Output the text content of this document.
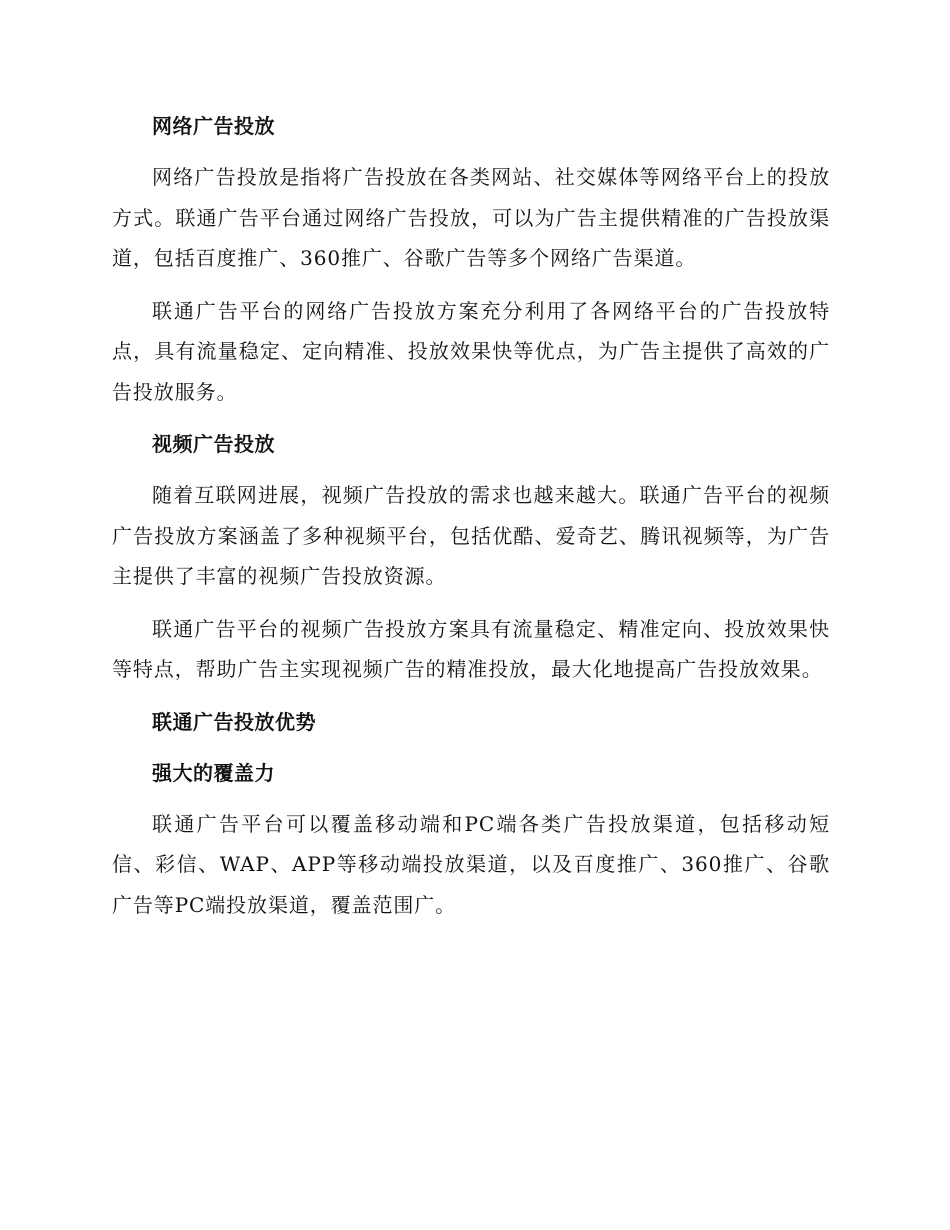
网络广告投放

网络广告投放是指将广告投放在各类网站、社交媒体等网络平台上的投放方式。联通广告平台通过网络广告投放，可以为广告主提供精准的广告投放渠道，包括百度推广、360推广、谷歌广告等多个网络广告渠道。

联通广告平台的网络广告投放方案充分利用了各网络平台的广告投放特点，具有流量稳定、定向精准、投放效果快等优点，为广告主提供了高效的广告投放服务。

视频广告投放

随着互联网进展，视频广告投放的需求也越来越大。联通广告平台的视频广告投放方案涵盖了多种视频平台，包括优酷、爱奇艺、腾讯视频等，为广告主提供了丰富的视频广告投放资源。

联通广告平台的视频广告投放方案具有流量稳定、精准定向、投放效果快等特点，帮助广告主实现视频广告的精准投放，最大化地提高广告投放效果。

联通广告投放优势

强大的覆盖力

联通广告平台可以覆盖移动端和PC端各类广告投放渠道，包括移动短信、彩信、WAP、APP等移动端投放渠道，以及百度推广、360推广、谷歌广告等PC端投放渠道，覆盖范围广。
